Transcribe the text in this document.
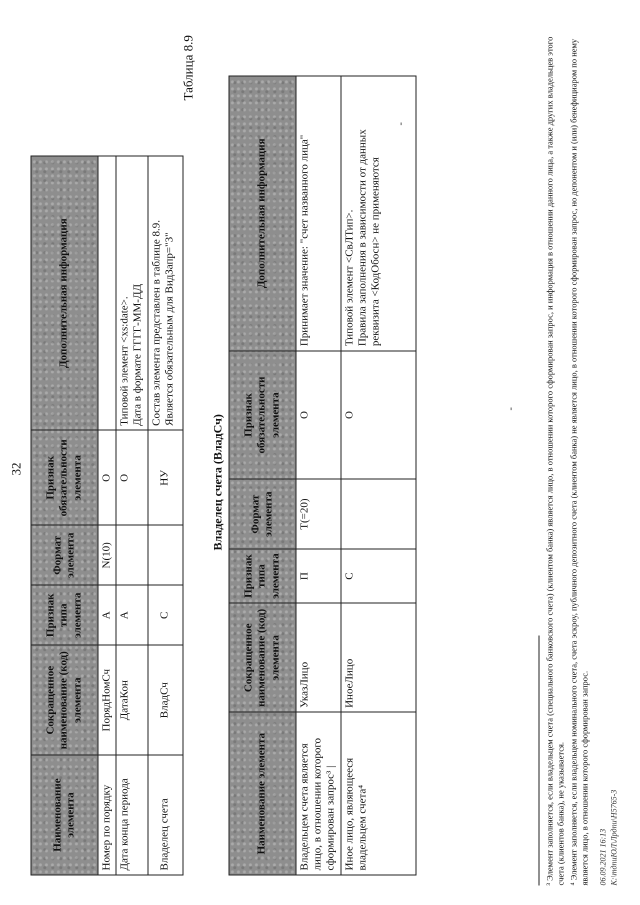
32
Наименование элемента	Сокращенное наименование (код) элемента	Признак типа элемента	Формат элемента	Признак обязательности элемента	Дополнительная информация
Номер по порядку	ПорядНомСч	А	N(10)	О	
Дата конца периода	ДатаКон	А		О	Типовой элемент <xs:date>.
Дата в формате ГГГГ-ММ-ДД
Владелец счета	ВладСч	С		НУ	Состав элемента представлен в таблице 8.9.
Является обязательным для ВидЗапр="3"
Таблица 8.9
Владелец счета (ВладСч)
Наименование элемента	Сокращенное наименование (код) элемента	Признак типа элемента	Формат элемента	Признак обязательности элемента	Дополнительная информация
Владельцем счета является лицо, в отношении которого сформирован запрос³ |	УказЛицо	П	T(=20)	О	Принимает значение: "счет названного лица"
Иное лицо, являющееся владельцем счета⁴	ИноеЛицо	С		О	Типовой элемент <СвЛТип>.
Правила заполнения в зависимости от данных реквизита <КодОбосн> не применяются
-
-	³ Элемент заполняется, если владельцем счета (специального банковского счета) (клиентом банка) является лицо, в отношении которого сформирован запрос, и информация в отношении данного лица, а также других владельцев этого счета (клиентов банка), не указывается. ⁴ Элемент заполняется, если владельцем номинального счета, счета эскроу, публичного депозитного счета (клиентом банка) не является лицо, в отношении которого сформирован запрос, но депонентом и (или) бенефициаром по нему является лицо, в отношении которого сформирован запрос. 06.09.2021 16:13 К:\тдпиЮЛ\Лрдпи\Н5765-3
